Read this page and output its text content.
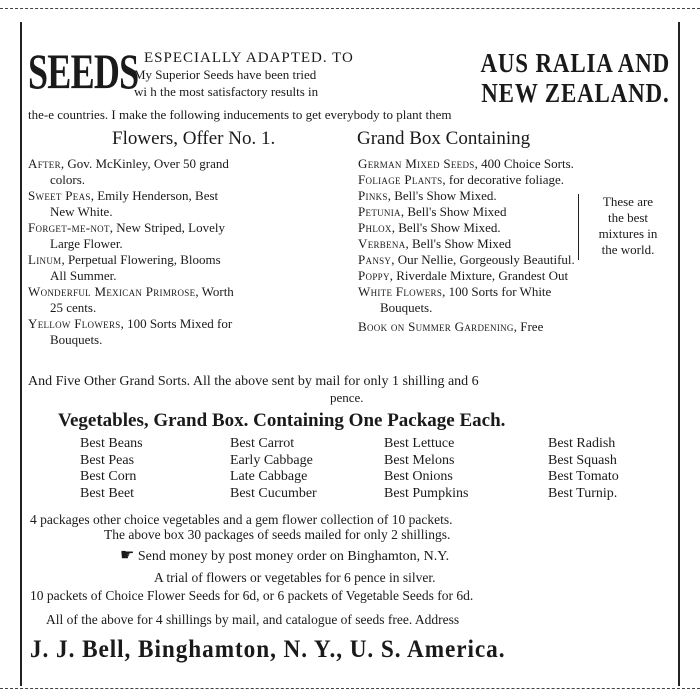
SEEDS ESPECIALLY ADAPTED. TO
My Superior Seeds have been tried
wi h the most satisfactory results in
AUS RALIA AND
NEW ZEALAND.
the-e countries. I make the following inducements to get everybody to plant them
Flowers, Offer No. 1.	Grand Box Containing
After, Gov. McKinley, Over 50 grand
colors.
Sweet Peas, Emily Henderson, Best
New White.
Forget-me-not, New Striped, Lovely
Large Flower.
Linum, Perpetual Flowering, Blooms
All Summer.
Wonderful Mexican Primrose, Worth
25 cents.
Yellow Flowers, 100 Sorts Mixed for
Bouquets.
German Mixed Seeds, 400 Choice Sorts.
Foliage Plants, for decorative foliage.
Pinks, Bell's Show Mixed.
Petunia, Bell's Show Mixed
Phlox, Bell's Show Mixed.
Verbena, Bell's Show Mixed
Pansy, Our Nellie, Gorgeously Beautiful.
Poppy, Riverdale Mixture, Grandest Out
White Flowers, 100 Sorts for White
Bouquets.
Book on Summer Gardening, Free
These are
the best
mixtures in
the world.
And Five Other Grand Sorts. All the above sent by mail for only 1 shilling and 6
pence.
Vegetables, Grand Box. Containing One Package Each.
Best Beans
Best Peas
Best Corn
Best Beet
Best Carrot
Early Cabbage
Late Cabbage
Best Cucumber
Best Lettuce
Best Melons
Best Onions
Best Pumpkins
Best Radish
Best Squash
Best Tomato
Best Turnip.
4 packages other choice vegetables and a gem flower collection of 10 packets.
The above box 30 packages of seeds mailed for only 2 shillings.
☛ Send money by post money order on Binghamton, N.Y.
A trial of flowers or vegetables for 6 pence in silver.
10 packets of Choice Flower Seeds for 6d, or 6 packets of Vegetable Seeds for 6d.
All of the above for 4 shillings by mail, and catalogue of seeds free. Address
J. J. Bell, Binghamton, N. Y., U. S. America.
